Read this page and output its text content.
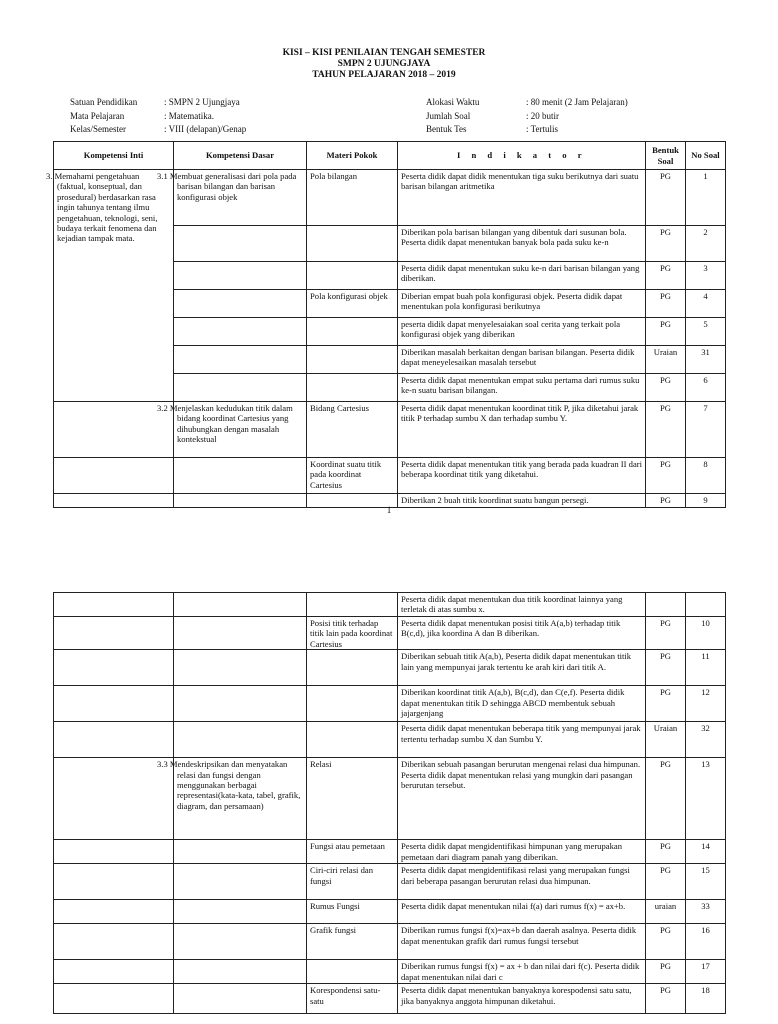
KISI – KISI PENILAIAN TENGAH SEMESTER
SMPN 2 UJUNGJAYA
TAHUN PELAJARAN 2018 – 2019
Satuan Pendidikan	: SMPN 2 Ujungjaya
Mata Pelajaran	: Matematika.
Kelas/Semester	: VIII (delapan)/Genap
Alokasi Waktu	: 80 menit (2 Jam Pelajaran)
Jumlah Soal	: 20 butir
Bentuk Tes	: Tertulis
Kompetensi Inti	Kompetensi Dasar	Materi Pokok	I n d i k a t o r	Bentuk Soal	No Soal
3. Memahami pengetahuan (faktual, konseptual, dan prosedural) berdasarkan rasa ingin tahunya tentang ilmu pengetahuan, teknologi, seni, budaya terkait fenomena dan kejadian tampak mata.	3.1 Membuat generalisasi dari pola pada barisan bilangan dan barisan konfigurasi objek	Pola bilangan	Peserta didik dapat didik menentukan tiga suku berikutnya dari suatu barisan bilangan aritmetika	PG	1
			Diberikan pola barisan bilangan yang dibentuk dari susunan bola. Peserta didik dapat menentukan banyak bola pada suku ke-n	PG	2
			Peserta didik dapat menentukan suku ke-n dari barisan bilangan yang diberikan.	PG	3
		Pola konfigurasi objek	Diberian empat buah pola konfigurasi objek. Peserta didik dapat menentukan pola konfigurasi berikutnya	PG	4
			peserta didik dapat menyelesaiakan soal cerita yang terkait pola konfigurasi objek yang diberikan	PG	5
			Diberikan masalah berkaitan dengan barisan bilangan. Peserta didik dapat meneyelesaikan masalah tersebut	Uraian	31
			Peserta didik dapat menentukan empat suku pertama dari rumus suku ke-n suatu barisan bilangan.	PG	6
	3.2 Menjelaskan kedudukan titik dalam bidang koordinat Cartesius yang dihubungkan dengan masalah kontekstual	Bidang Cartesius	Peserta didik dapat menentukan koordinat titik P, jika diketahui jarak titik P terhadap sumbu X dan terhadap sumbu Y.	PG	7
		Koordinat suatu titik pada koordinat Cartesius	Peserta didik dapat menentukan titik yang berada pada kuadran II dari beberapa koordinat titik yang diketahui.	PG	8
			Diberikan 2 buah titik koordinat suatu bangun persegi.	PG	9
1
			Peserta didik dapat menentukan dua titik koordinat lainnya yang terletak di atas sumbu x.		
		Posisi titik terhadap titik lain pada koordinat Cartesius	Peserta didik dapat menentukan posisi titik A(a,b) terhadap titik B(c,d), jika koordina A dan B diberikan.	PG	10
			Diberikan sebuah titik A(a,b), Peserta didik dapat menentukan titik lain yang mempunyai jarak tertentu ke arah kiri dari titik A.	PG	11
			Diberikan koordinat titik A(a,b), B(c,d), dan C(e,f). Peserta didik dapat menentukan titik D sehingga ABCD membentuk sebuah jajargenjang	PG	12
			Peserta didik dapat menentukan beberapa titik yang mempunyai jarak tertentu terhadap sumbu X dan Sumbu Y.	Uraian	32
	3.3 Mendeskripsikan dan menyatakan relasi dan fungsi dengan menggunakan berbagai representasi(kata-kata, tabel, grafik, diagram, dan persamaan)	Relasi	Diberikan sebuah pasangan berurutan mengenai relasi dua himpunan. Peserta didik dapat menentukan relasi yang mungkin dari pasangan berurutan tersebut.	PG	13
		Fungsi atau pemetaan	Peserta didik dapat mengidentifikasi himpunan yang merupakan pemetaan dari diagram panah yang diberikan.	PG	14
		Ciri-ciri relasi dan fungsi	Peserta didik dapat mengidentifikasi relasi yang merupakan fungsi dari beberapa pasangan berurutan relasi dua himpunan.	PG	15
		Rumus Fungsi	Peserta didik dapat menentukan nilai f(a) dari rumus f(x) = ax+b.	uraian	33
		Grafik fungsi	Diberikan rumus fungsi f(x)=ax+b dan daerah asalnya. Peserta didik dapat menentukan grafik dari rumus fungsi tersebut	PG	16
			Diberikan rumus fungsi f(x) = ax + b dan nilai dari f(c). Peserta didik dapat menentukan nilai dari c	PG	17
		Korespondensi satu-satu	Peserta didik dapat menentukan banyaknya korespodensi satu satu, jika banyaknya anggota himpunan diketahui.	PG	18
